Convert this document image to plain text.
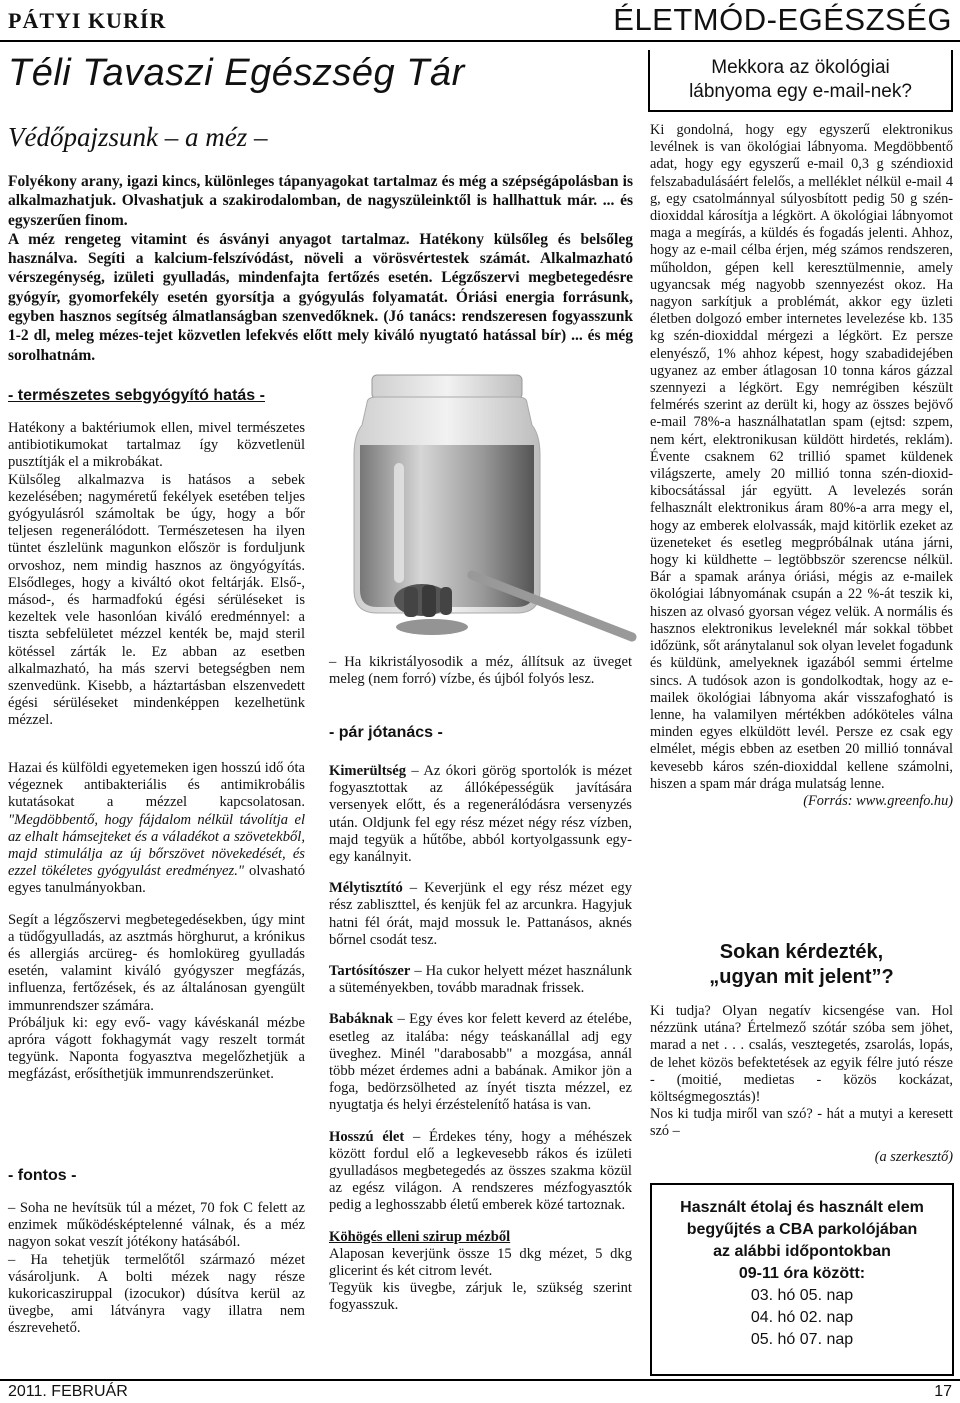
PÁTYI KURÍR	ÉLETMÓD-EGÉSZSÉG
Téli Tavaszi Egészség Tár
Védőpajzsunk – a méz –

Folyékony arany, igazi kincs, különleges tápanyagokat tartalmaz és még a szépségápolásban is alkalmazhatjuk. Olvashatjuk a szakirodalomban, de nagyszüleinktől is hallhattuk már. ... és egyszerűen finom.

A méz rengeteg vitamint és ásványi anyagot tartalmaz. Hatékony külsőleg és belsőleg használva. Segíti a kalcium-felszívódást, növeli a vörösvértestek számát. Alkalmazható vérszegénység, izületi gyulladás, mindenfajta fertőzés esetén. Légzőszervi megbetegedésre gyógyír, gyomorfekély esetén gyorsítja a gyógyulás folyamatát. Óriási energia forrásunk, egyben hasznos segítség álmatlanságban szenvedőknek. (Jó tanács: rendszeresen fogyasszunk 1-2 dl, meleg mézes-tejet közvetlen lefekvés előtt mely kiváló nyugtató hatással bír) ... és még sorolhatnám.

- természetes sebgyógyító hatás -

Hatékony a baktériumok ellen, mivel természetes antibiotikumokat tartalmaz így közvetlenül pusztítják el a mikrobákat.

Külsőleg alkalmazva is hatásos a sebek kezelésében; nagyméretű fekélyek esetében teljes gyógyulásról számoltak be úgy, hogy a bőr teljesen regenerálódott. Természetesen ha ilyen tüntet észlelünk magunkon először is forduljunk orvoshoz, nem mindig hasznos az öngyógyítás. Elsődleges, hogy a kiváltó okot feltárják. Első-, másod-, és harmadfokú égési sérüléseket is kezeltek vele hasonlóan kiváló eredménnyel: a tiszta sebfelületet mézzel kenték be, majd steril kötéssel zárták le. Ez abban az esetben alkalmazható, ha más szervi betegségben nem szenvedünk. Kisebb, a háztartásban elszenvedett égési sérüléseket mindenképpen kezelhetünk mézzel.

Hazai és külföldi egyetemeken igen hosszú idő óta végeznek antibakteriális és antimikrobális kutatásokat a mézzel kapcsolatosan. "Megdöbbentő, hogy fájdalom nélkül távolítja el az elhalt hámsejteket és a váladékot a szövetekből, majd stimulálja az új bőrszövet növekedését, és ezzel tökéletes gyógyulást eredményez." olvasható egyes tanulmányokban.

Segít a légzőszervi megbetegedésekben, úgy mint a tüdőgyulladás, az asztmás hörghurut, a krónikus és allergiás arcüreg- és homloküreg gyulladás esetén, valamint kiváló gyógyszer megfázás, influenza, fertőzések, és az általánosan gyengült immunrendszer számára.

Próbáljuk ki: egy evő- vagy kávéskanál mézbe apróra vágott fokhagymát vagy reszelt tormát tegyünk. Naponta fogyasztva megelőzhetjük a megfázást, erősíthetjük immunrendszerünket.

- fontos -

– Soha ne hevítsük túl a mézet, 70 fok C felett az enzimek működésképtelenné válnak, és a méz nagyon sokat veszít jótékony hatásából.

– Ha tehetjük termelőtől származó mézet vásároljunk. A bolti mézek nagy része kukoricasziruppal (izocukor) dúsítva kerül az üvegbe, ami látványra vagy illatra nem észrevehető.

– Ha kikristályosodik a méz, állítsuk az üveget meleg (nem forró) vízbe, és újból folyós lesz.

- pár jótanács -

Kimerültség – Az ókori görög sportolók is mézet fogyasztottak az állóképességük javítására versenyek előtt, és a regenerálódásra versenyzés után. Oldjunk fel egy rész mézet négy rész vízben, majd tegyük a hűtőbe, abból kortyolgassunk egy-egy kanálnyit.

Mélytisztító – Keverjünk el egy rész mézet egy rész zabliszttel, és kenjük fel az arcunkra. Hagyjuk hatni fél órát, majd mossuk le. Pattanásos, aknés bőrnel csodát tesz.

Tartósítószer – Ha cukor helyett mézet használunk a süteményekben, tovább maradnak frissek.

Babáknak – Egy éves kor felett keverd az ételébe, esetleg az italába: négy teáskanállal adj egy üveghez. Minél "darabosabb" a mozgása, annál több mézet érdemes adni a babának. Amikor jön a foga, bedörzsölheted az ínyét tiszta mézzel, ez nyugtatja és helyi érzéstelenítő hatása is van.

Hosszú élet – Érdekes tény, hogy a méhészek között fordul elő a legkevesebb rákos és izületi gyulladásos megbetegedés az összes szakma közül az egész világon. A rendszeres mézfogyasztók pedig a leghosszabb életű emberek közé tartoznak.

Köhögés elleni szirup mézből

Alaposan keverjünk össze 15 dkg mézet, 5 dkg glicerint és két citrom levét.

Tegyük kis üvegbe, zárjuk le, szükség szerint fogyasszuk.

Mekkora az ökológiai
lábnyoma egy e-mail-nek?

Ki gondolná, hogy egy egyszerű elektronikus levélnek is van ökológiai lábnyoma. Megdöbbentő adat, hogy egy egyszerű e-mail 0,3 g széndioxid felszabadulásáért felelős, a melléklet nélkül e-mail 4 g, egy csatolmánnyal súlyosbított pedig 50 g szén-dioxiddal károsítja a légkört. A ökológiai lábnyomot maga a megírás, a küldés és fogadás jelenti. Ahhoz, hogy az e-mail célba érjen, még számos rendszeren, műholdon, gépen kell keresztülmennie, amely ugyancsak még nagyobb szennyezést okoz. Ha nagyon sarkítjuk a problémát, akkor egy üzleti életben dolgozó ember internetes levelezése kb. 135 kg szén-dioxiddal mérgezi a légkört. Ez persze elenyésző, 1% ahhoz képest, hogy szabadidejében ugyanez az ember átlagosan 10 tonna káros gázzal szennyezi a légkört. Egy nemrégiben készült felmérés szerint az derült ki, hogy az összes bejövő e-mail 78%-a használhatatlan spam (ejtsd: szpem, nem kért, elektronikusan küldött hirdetés, reklám). Évente csaknem 62 trillió spamet küldenek világszerte, amely 20 millió tonna szén-dioxid-kibocsátással jár együtt. A levelezés során felhasznált elektronikus áram 80%-a arra megy el, hogy az emberek elolvassák, majd kitörlik ezeket az üzeneteket és esetleg megpróbálnak utána járni, hogy ki küldhette – legtöbbször szerencse nélkül. Bár a spamak aránya óriási, mégis az e-mailek ökológiai lábnyomának csupán a 22 %-át teszik ki, hiszen az olvasó gyorsan végez velük. A normális és hasznos elektronikus leveleknél már sokkal többet időzünk, sőt aránytalanul sok olyan levelet fogadunk és küldünk, amelyeknek igazából semmi értelme sincs. A tudósok azon is gondolkodtak, hogy az e-mailek ökológiai lábnyoma akár visszafogható is lenne, ha valamilyen mértékben adóköteles válna minden egyes elküldött levél. Persze ez csak egy elmélet, mégis ebben az esetben 20 millió tonnával kevesebb káros szén-dioxiddal kellene számolni, hiszen a spam már drága mulatság lenne.

(Forrás: www.greenfo.hu)

Sokan kérdezték,
„ugyan mit jelent”?

Ki tudja? Olyan negatív kicsengése van. Hol nézzünk utána? Értelmező szótár szóba sem jöhet, marad a net . . . csalás, vesztegetés, zsarolás, lopás, de lehet közös befektetések az egyik félre jutó része - (moitié, medietas - közös kockázat, költségmegosztás)!

Nos ki tudja miről van szó? - hát a mutyi a keresett szó –

(a szerkesztő)

Használt étolaj és használt elem
begyűjtés a CBA parkolójában
az alábbi időpontokban
09-11 óra között:
03. hó 05. nap
04. hó 02. nap
05. hó 07. nap
2011. FEBRUÁR	17
